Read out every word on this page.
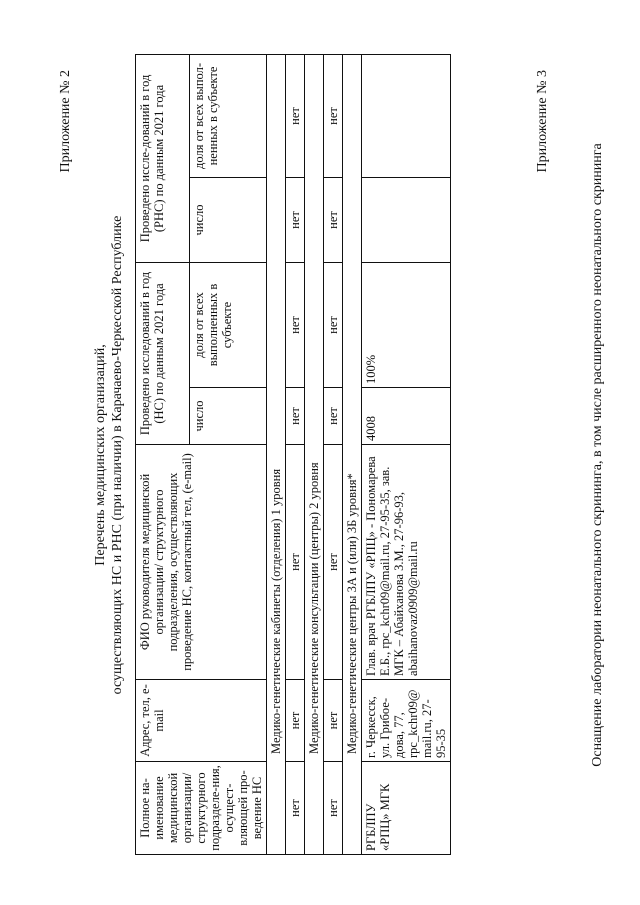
Приложение № 2
Перечень медицинских организаций, осуществляющих НС и РНС (при наличии) в Карачаево-Черкесской Республике
Полное на-именование медицинской организации/ структурного подразделе-ния, осущест-вляющей про-ведение НС	Адрес, тел, e-mail	ФИО руководителя медицинской организации/ структурного подразделения, осуществляющих проведение НС, контактный тел, (e-mail)	Проведено исследований в год (НС) по данным 2021 года		Проведено иссле-дований в год (РНС) по данным 2021 года	
			число	доля от всех выполненных в субъекте	число	доля от всех выпол-ненных в субъекте
Медико-генетические кабинеты (отделения) 1 уровня						
нет	нет	нет	нет	нет	нет	нет
Медико-генетические консультации (центры) 2 уровня						
нет	нет	нет	нет	нет	нет	нет
Медико-генетические центры 3А и (или) 3Б уровня*						
РГБЛПУ «РПЦ» МГК	г. Черкесск, ул. Грибое-дова, 77, rpc_kchr09@mail.ru, 27-95-35	Глав. врач РГБЛПУ «РПЦ» - Пономарева Е.Б., rpc_kchr09@mail.ru, 27-95-35, зав. МГК – Абайханова З.М., 27-96-93, abaihanovaz0909@mail.ru	4008	100%		
Приложение № 3
Оснащение лаборатории неонатального скрининга, в том числе расширенного неонатального скрининга
